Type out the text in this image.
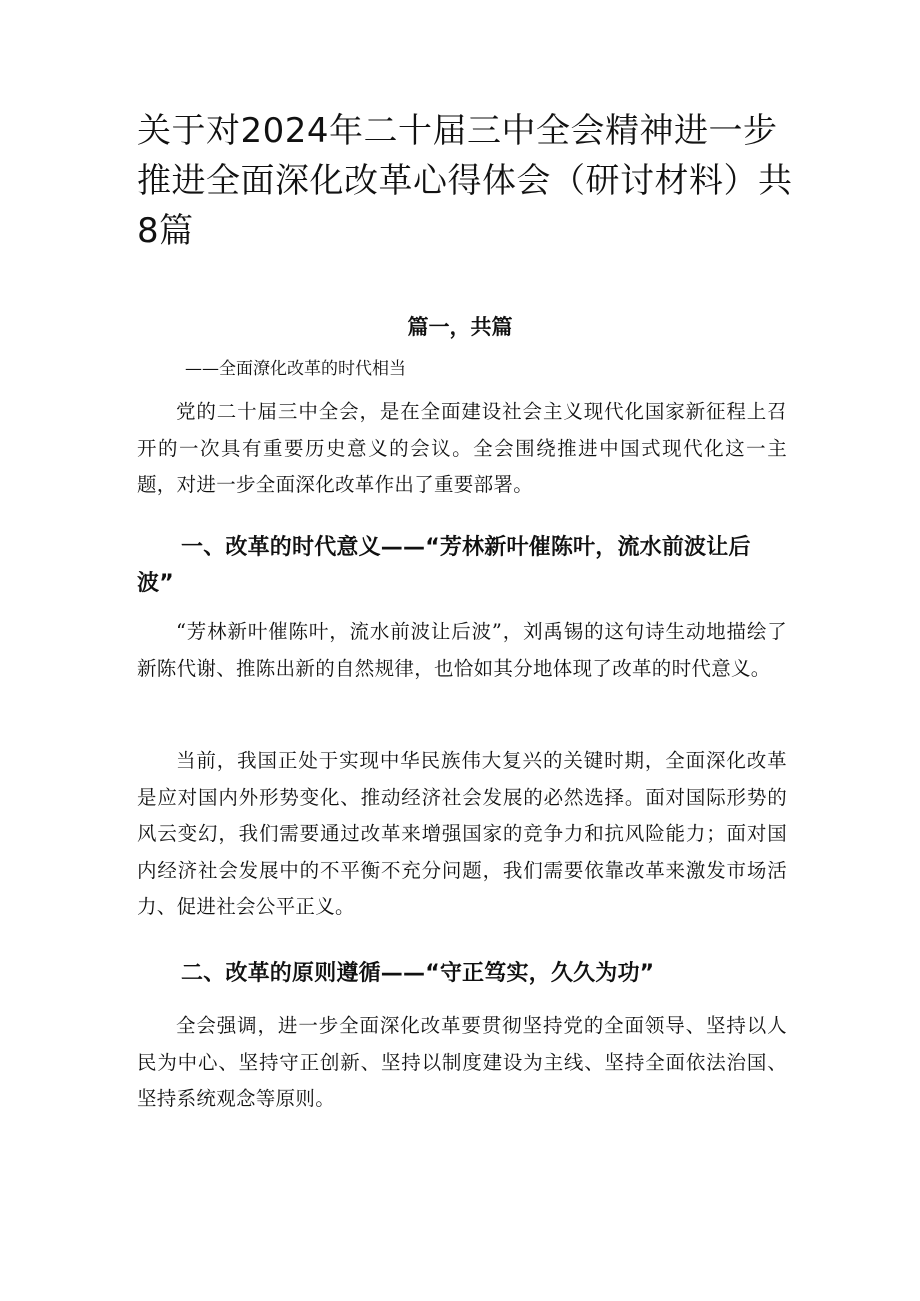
关于对2024年二十届三中全会精神进一步推进全面深化改革心得体会（研讨材料）共8篇
篇一，共篇
——全面潦化改革的时代相当

党的二十届三中全会，是在全面建设社会主义现代化国家新征程上召开的一次具有重要历史意义的会议。全会围绕推进中国式现代化这一主题，对进一步全面深化改革作出了重要部署。

一、改革的时代意义——“芳林新叶催陈叶，流水前波让后波”

“芳林新叶催陈叶，流水前波让后波”，刘禹锡的这句诗生动地描绘了新陈代谢、推陈出新的自然规律，也恰如其分地体现了改革的时代意义。

当前，我国正处于实现中华民族伟大复兴的关键时期，全面深化改革是应对国内外形势变化、推动经济社会发展的必然选择。面对国际形势的风云变幻，我们需要通过改革来增强国家的竞争力和抗风险能力；面对国内经济社会发展中的不平衡不充分问题，我们需要依靠改革来激发市场活力、促进社会公平正义。

二、改革的原则遵循——“守正笃实，久久为功”

全会强调，进一步全面深化改革要贯彻坚持党的全面领导、坚持以人民为中心、坚持守正创新、坚持以制度建设为主线、坚持全面依法治国、坚持系统观念等原则。
